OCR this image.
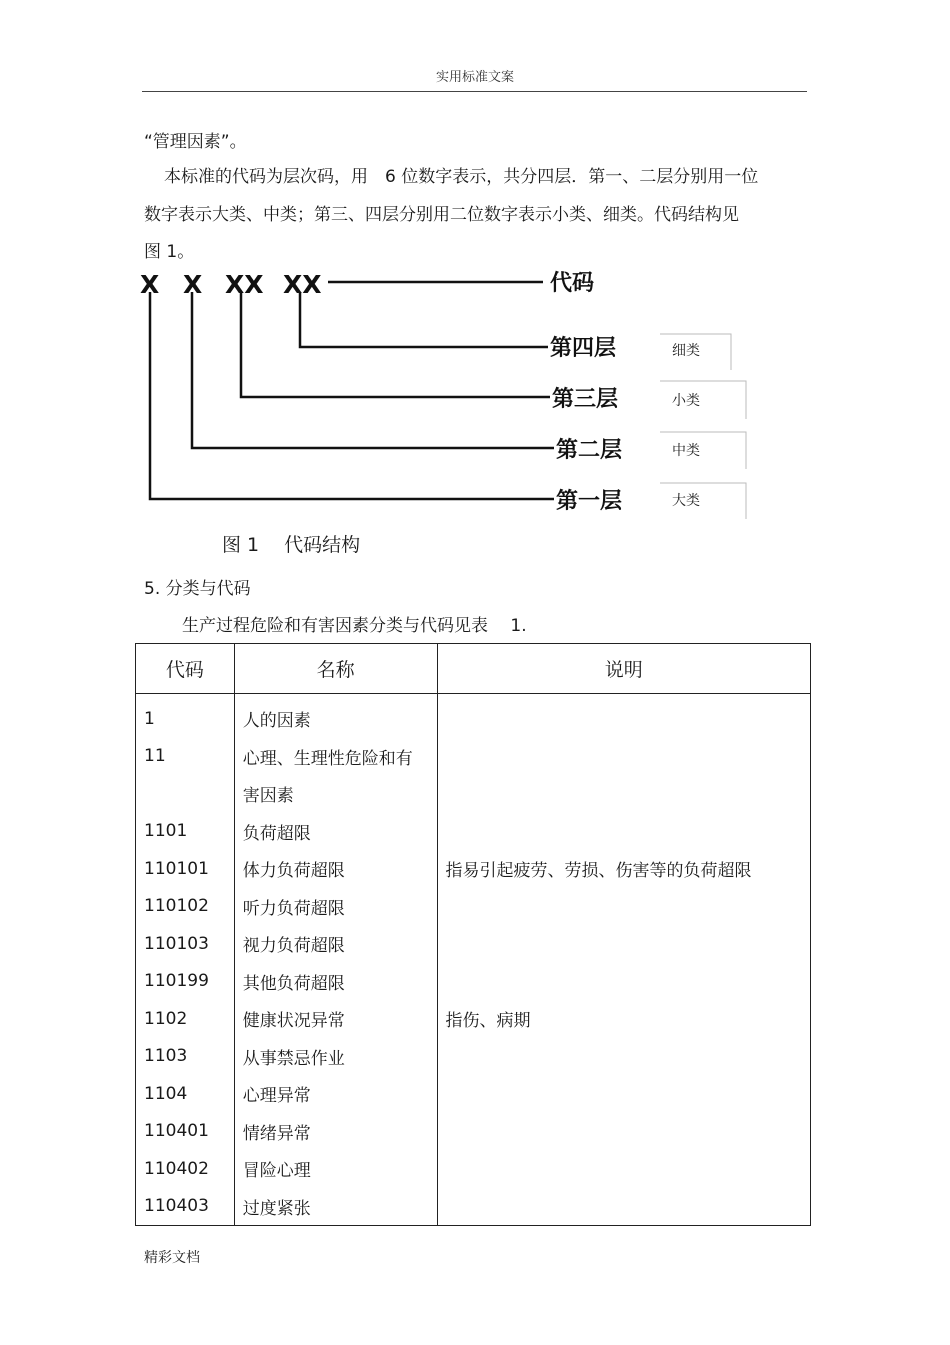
实用标准文案
“管理因素”。
本标准的代码为层次码，用　6 位数字表示，共分四层．第一、二层分别用一位
数字表示大类、中类；第三、四层分别用二位数字表示小类、细类。代码结构见
图 1。
X X XX XX	代码
第四层
第三层
第二层
第一层
细类
小类
中类
大类
图 1　 代码结构
5. 分类与代码
生产过程危险和有害因素分类与代码见表　 1.
代码	名称	说明
1	人的因素	
11	心理、生理性危险和有	
	害因素	
1101	负荷超限	
110101	体力负荷超限	指易引起疲劳、劳损、伤害等的负荷超限
110102	听力负荷超限	
110103	视力负荷超限	
110199	其他负荷超限	
1102	健康状况异常	指伤、病期
1103	从事禁忌作业	
1104	心理异常	
110401	情绪异常	
110402	冒险心理	
110403	过度紧张	
精彩文档
